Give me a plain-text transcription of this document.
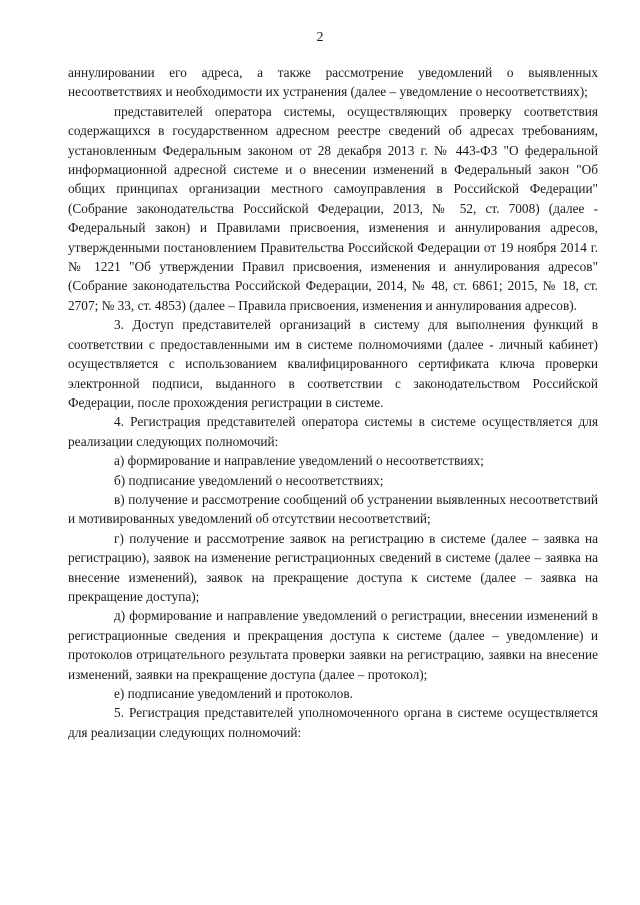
2

аннулировании его адреса, а также рассмотрение уведомлений о выявленных несоответствиях и необходимости их устранения (далее – уведомление о несоответствиях);

представителей оператора системы, осуществляющих проверку соответствия содержащихся в государственном адресном реестре сведений об адресах требованиям, установленным Федеральным законом от 28 декабря 2013 г. № 443-ФЗ "О федеральной информационной адресной системе и о внесении изменений в Федеральный закон "Об общих принципах организации местного самоуправления в Российской Федерации" (Собрание законодательства Российской Федерации, 2013, № 52, ст. 7008) (далее - Федеральный закон) и Правилами присвоения, изменения и аннулирования адресов, утвержденными постановлением Правительства Российской Федерации от 19 ноября 2014 г. № 1221 "Об утверждении Правил присвоения, изменения и аннулирования адресов" (Собрание законодательства Российской Федерации, 2014, № 48, ст. 6861; 2015, № 18, ст. 2707; № 33, ст. 4853) (далее – Правила присвоения, изменения и аннулирования адресов).

3. Доступ представителей организаций в систему для выполнения функций в соответствии с предоставленными им в системе полномочиями (далее - личный кабинет) осуществляется с использованием квалифицированного сертификата ключа проверки электронной подписи, выданного в соответствии с законодательством Российской Федерации, после прохождения регистрации в системе.

4. Регистрация представителей оператора системы в системе осуществляется для реализации следующих полномочий:

а) формирование и направление уведомлений о несоответствиях;

б) подписание уведомлений о несоответствиях;

в) получение и рассмотрение сообщений об устранении выявленных несоответствий и мотивированных уведомлений об отсутствии несоответствий;

г) получение и рассмотрение заявок на регистрацию в системе (далее – заявка на регистрацию), заявок на изменение регистрационных сведений в системе (далее – заявка на внесение изменений), заявок на прекращение доступа к системе (далее – заявка на прекращение доступа);

д) формирование и направление уведомлений о регистрации, внесении изменений в регистрационные сведения и прекращения доступа к системе (далее – уведомление) и протоколов отрицательного результата проверки заявки на регистрацию, заявки на внесение изменений, заявки на прекращение доступа (далее – протокол);

е) подписание уведомлений и протоколов.

5. Регистрация представителей уполномоченного органа в системе осуществляется для реализации следующих полномочий:
